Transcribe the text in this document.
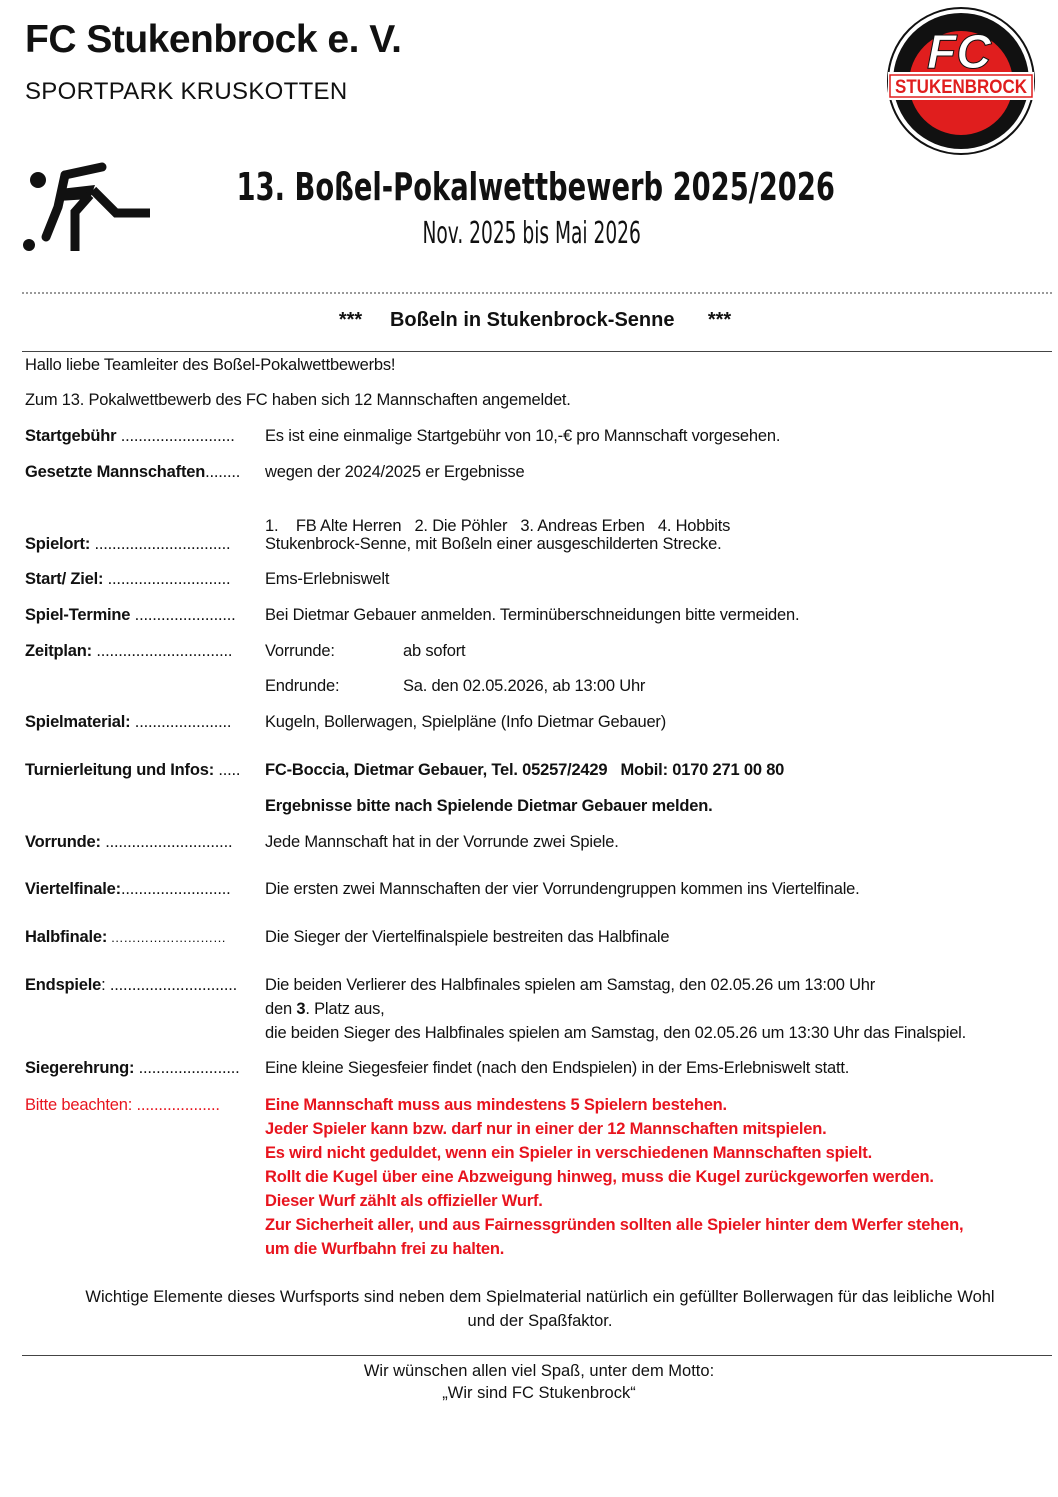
FC Stukenbrock e. V.
SPORTPARK KRUSKOTTEN	STUKENBROCK
FC
13. Boßel-Pokalwettbewerb 2025/2026
Nov. 2025 bis Mai 2026
*** Boßeln in Stukenbrock-Senne ***
Hallo liebe Teamleiter des Boßel-Pokalwettbewerbs!
Zum 13. Pokalwettbewerb des FC haben sich 12 Mannschaften angemeldet.
Startgebühr .......................... Es ist eine einmalige Startgebühr von 10,-€ pro Mannschaft vorgesehen.
Gesetzte Mannschaften........ wegen der 2024/2025 er Ergebnisse

1.    FB Alte Herren   2. Die Pöhler   3. Andreas Erben   4. Hobbits

Spielort: ............................... Stukenbrock-Senne, mit Boßeln einer ausgeschilderten Strecke.
Start/ Ziel: ............................ Ems-Erlebniswelt
Spiel-Termine ....................... Bei Dietmar Gebauer anmelden. Terminüberschneidungen bitte vermeiden.
Zeitplan: ............................... Vorrunde:	ab sofort
Endrunde:	Sa. den 02.05.2026, ab 13:00 Uhr
Spielmaterial: ...................... Kugeln, Bollerwagen, Spielpläne (Info Dietmar Gebauer)
Turnierleitung und Infos: ..... FC-Boccia, Dietmar Gebauer, Tel. 05257/2429   Mobil: 0170 271 00 80
Ergebnisse bitte nach Spielende Dietmar Gebauer melden.
Vorrunde: ............................. Jede Mannschaft hat in der Vorrunde zwei Spiele.
Viertelfinale:......................... Die ersten zwei Mannschaften der vier Vorrundengruppen kommen ins Viertelfinale.
Halbfinale: ……………………… Die Sieger der Viertelfinalspiele bestreiten das Halbfinale
Endspiele: ............................. Die beiden Verlierer des Halbfinales spielen am Samstag, den 02.05.26 um 13:00 Uhr
den 3. Platz aus,
die beiden Sieger des Halbfinales spielen am Samstag, den 02.05.26 um 13:30 Uhr das Finalspiel.
Siegerehrung: ....................... Eine kleine Siegesfeier findet (nach den Endspielen) in der Ems-Erlebniswelt statt.
Bitte beachten: ...................	Eine Mannschaft muss aus mindestens 5 Spielern bestehen.
Jeder Spieler kann bzw. darf nur in einer der 12 Mannschaften mitspielen.
Es wird nicht geduldet, wenn ein Spieler in verschiedenen Mannschaften spielt.
Rollt die Kugel über eine Abzweigung hinweg, muss die Kugel zurückgeworfen werden.
Dieser Wurf zählt als offizieller Wurf.
Zur Sicherheit aller, und aus Fairnessgründen sollten alle Spieler hinter dem Werfer stehen,
um die Wurfbahn frei zu halten.
Wichtige Elemente dieses Wurfsports sind neben dem Spielmaterial natürlich ein gefüllter Bollerwagen für das leibliche Wohl
und der Spaßfaktor.
Wir wünschen allen viel Spaß, unter dem Motto:
„Wir sind FC Stukenbrock“
